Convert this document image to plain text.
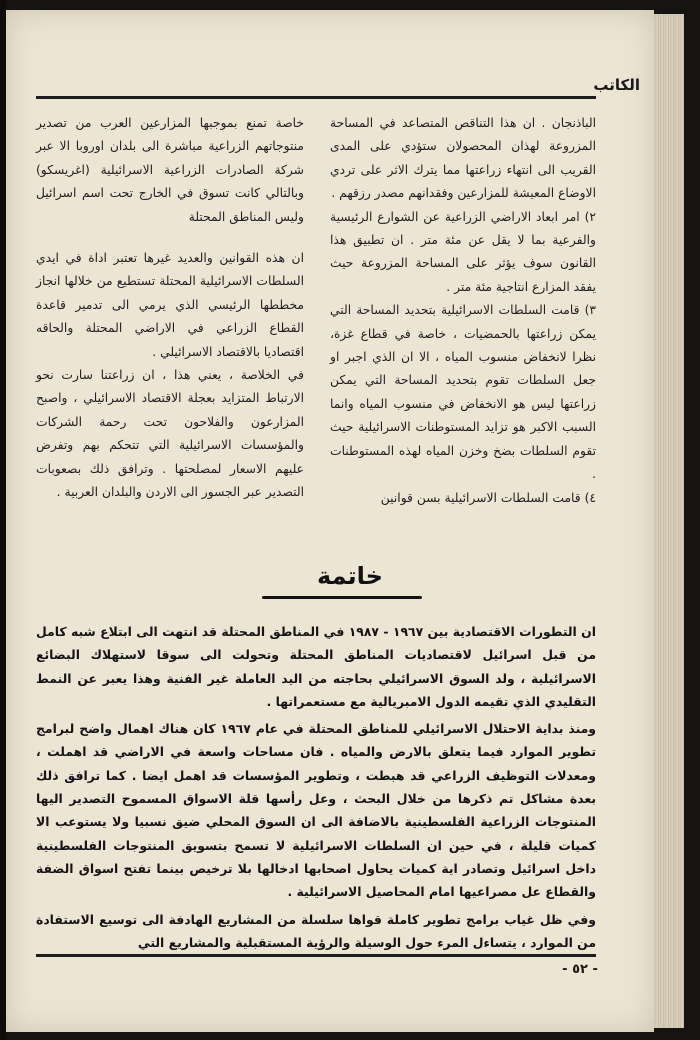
الكاتب

الباذنجان . ان هذا التناقص المتصاعد في المساحة المزروعة لهذان المحصولان ستؤدي على المدى القريب الى انتهاء زراعتها مما يترك الاثر على تردي الاوضاع المعيشة للمزارعين وفقدانهم مصدر رزقهم .

٢) امر ابعاد الاراضي الزراعية عن الشوارع الرئيسية والفرعية بما لا يقل عن مئة متر . ان تطبيق هذا القانون سوف يؤثر على المساحة المزروعة حيث يفقد المزارع انتاجية مئة متر .

٣) قامت السلطات الاسرائيلية بتحديد المساحة التي يمكن زراعتها بالحمضيات ، خاصة في قطاع غزة، نظرا لانخفاض منسوب المياه ، الا ان الذي اجبر او جعل السلطات تقوم بتحديد المساحة التي يمكن زراعتها ليس هو الانخفاض في منسوب المياه وانما السبب الاكبر هو تزايد المستوطنات الاسرائيلية حيث تقوم السلطات بضخ وخزن المياه لهذه المستوطنات .

٤) قامت السلطات الاسرائيلية بسن قوانين

خاصة تمنع بموجبها المزارعين العرب من تصدير منتوجاتهم الزراعية مباشرة الى بلدان اوروبا الا عبر شركة الصادرات الزراعية الاسرائيلية (اغريسكو) وبالتالي كانت تسوق في الخارج تحت اسم اسرائيل وليس المناطق المحتلة

ان هذه القوانين والعديد غيرها تعتبر اداة في ايدي السلطات الاسرائيلية المحتلة تستطيع من خلالها انجاز مخططها الرئيسي الذي يرمي الى تدمير قاعدة القطاع الزراعي في الاراضي المحتلة والحاقه اقتصاديا بالاقتصاد الاسرائيلي .

في الخلاصة ، يعني هذا ، ان زراعتنا سارت نحو الارتباط المتزايد بعجلة الاقتصاد الاسرائيلي ، واصبح المزارعون والفلاحون تحت رحمة الشركات والمؤسسات الاسرائيلية التي تتحكم بهم وتفرض عليهم الاسعار لمصلحتها . وترافق ذلك بصعوبات التصدير عبر الجسور الى الاردن والبلدان العربية .

خاتمة

ان التطورات الاقتصادية بين ١٩٦٧ - ١٩٨٧ في المناطق المحتلة قد انتهت الى ابتلاع شبه كامل من قبل اسرائيل لاقتصاديات المناطق المحتلة وتحولت الى سوقا لاستهلاك البضائع الاسرائيلية ، ولد السوق الاسرائيلي بحاجته من اليد العاملة غير الفنية وهذا يعبر عن النمط التقليدي الذي تقيمه الدول الامبريالية مع مستعمراتها .

ومنذ بداية الاحتلال الاسرائيلي للمناطق المحتلة في عام ١٩٦٧ كان هناك اهمال واضح لبرامج تطوير الموارد فيما يتعلق بالارض والمياه . فان مساحات واسعة في الاراضي قد اهملت ، ومعدلات التوظيف الزراعي قد هبطت ، وتطوير المؤسسات قد اهمل ايضا . كما ترافق ذلك بعدة مشاكل تم ذكرها من خلال البحث ، وعل رأسها قلة الاسواق المسموح التصدير اليها المنتوجات الزراعية الفلسطينية بالاضافة الى ان السوق المحلي ضيق نسبيا ولا يستوعب الا كميات قليلة ، في حين ان السلطات الاسرائيلية لا تسمح بتسويق المنتوجات الفلسطينية داخل اسرائيل وتصادر اية كميات يحاول اصحابها ادخالها بلا ترخيص بينما تفتح اسواق الضفة والقطاع عل مصراعيها امام المحاصيل الاسرائيلية .

وفي ظل غياب برامج تطوير كاملة قواها سلسلة من المشاريع الهادفة الى توسيع الاستفادة من الموارد ، يتساءل المرء حول الوسيلة والرؤية المستقبلية والمشاريع التي

- ٥٢ -
